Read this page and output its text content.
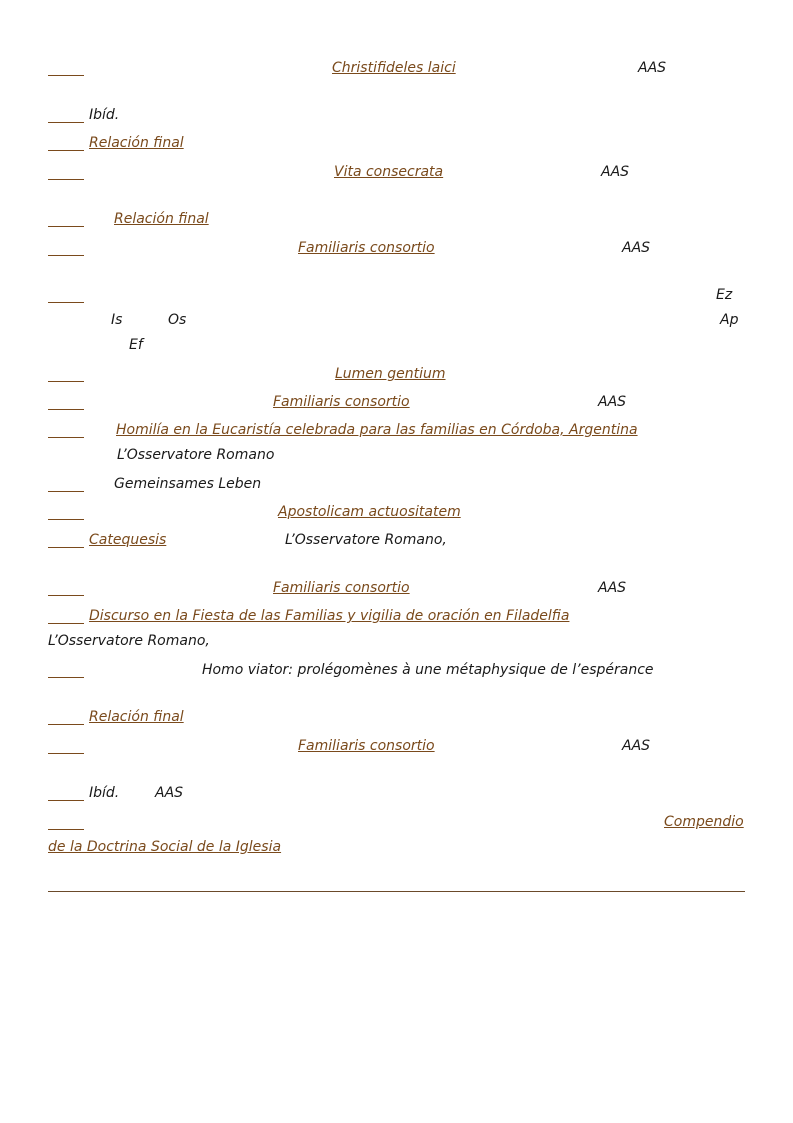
Christifideles laici	AAS
Ibíd.
Relación final
Vita consecrata	AAS
Relación final
Familiaris consortio	AAS
Ez
Is	Os	Ap
Ef
Lumen gentium
Familiaris consortio	AAS
Homilía en la Eucaristía celebrada para las familias en Córdoba, Argentina
L’Osservatore Romano
Gemeinsames Leben
Apostolicam actuositatem
Catequesis	L’Osservatore Romano,
Familiaris consortio	AAS
Discurso en la Fiesta de las Familias y vigilia de oración en Filadelfia
L’Osservatore Romano,
Homo viator: prolégomènes à une métaphysique de l’espérance
Relación final
Familiaris consortio	AAS
Ibíd.	AAS
Compendio
de la Doctrina Social de la Iglesia
